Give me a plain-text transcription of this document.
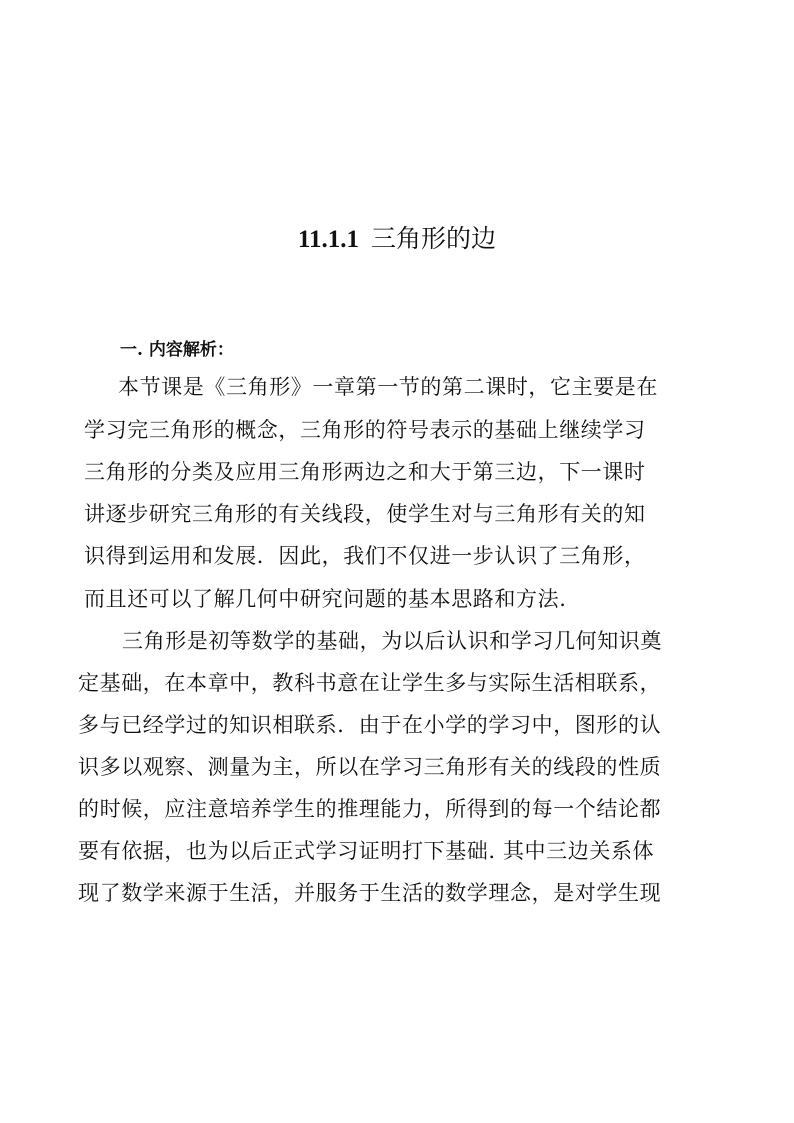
11.1.1 三角形的边
一. 内容解析：
本节课是《三角形》一章第一节的第二课时，它主要是在
学习完三角形的概念，三角形的符号表示的基础上继续学习
三角形的分类及应用三角形两边之和大于第三边，下一课时
讲逐步研究三角形的有关线段，使学生对与三角形有关的知
识得到运用和发展．因此，我们不仅进一步认识了三角形，
而且还可以了解几何中研究问题的基本思路和方法.
三角形是初等数学的基础，为以后认识和学习几何知识奠
定基础，在本章中，教科书意在让学生多与实际生活相联系，
多与已经学过的知识相联系．由于在小学的学习中，图形的认
识多以观察、测量为主，所以在学习三角形有关的线段的性质
的时候，应注意培养学生的推理能力，所得到的每一个结论都
要有依据，也为以后正式学习证明打下基础. 其中三边关系体
现了数学来源于生活，并服务于生活的数学理念，是对学生现
